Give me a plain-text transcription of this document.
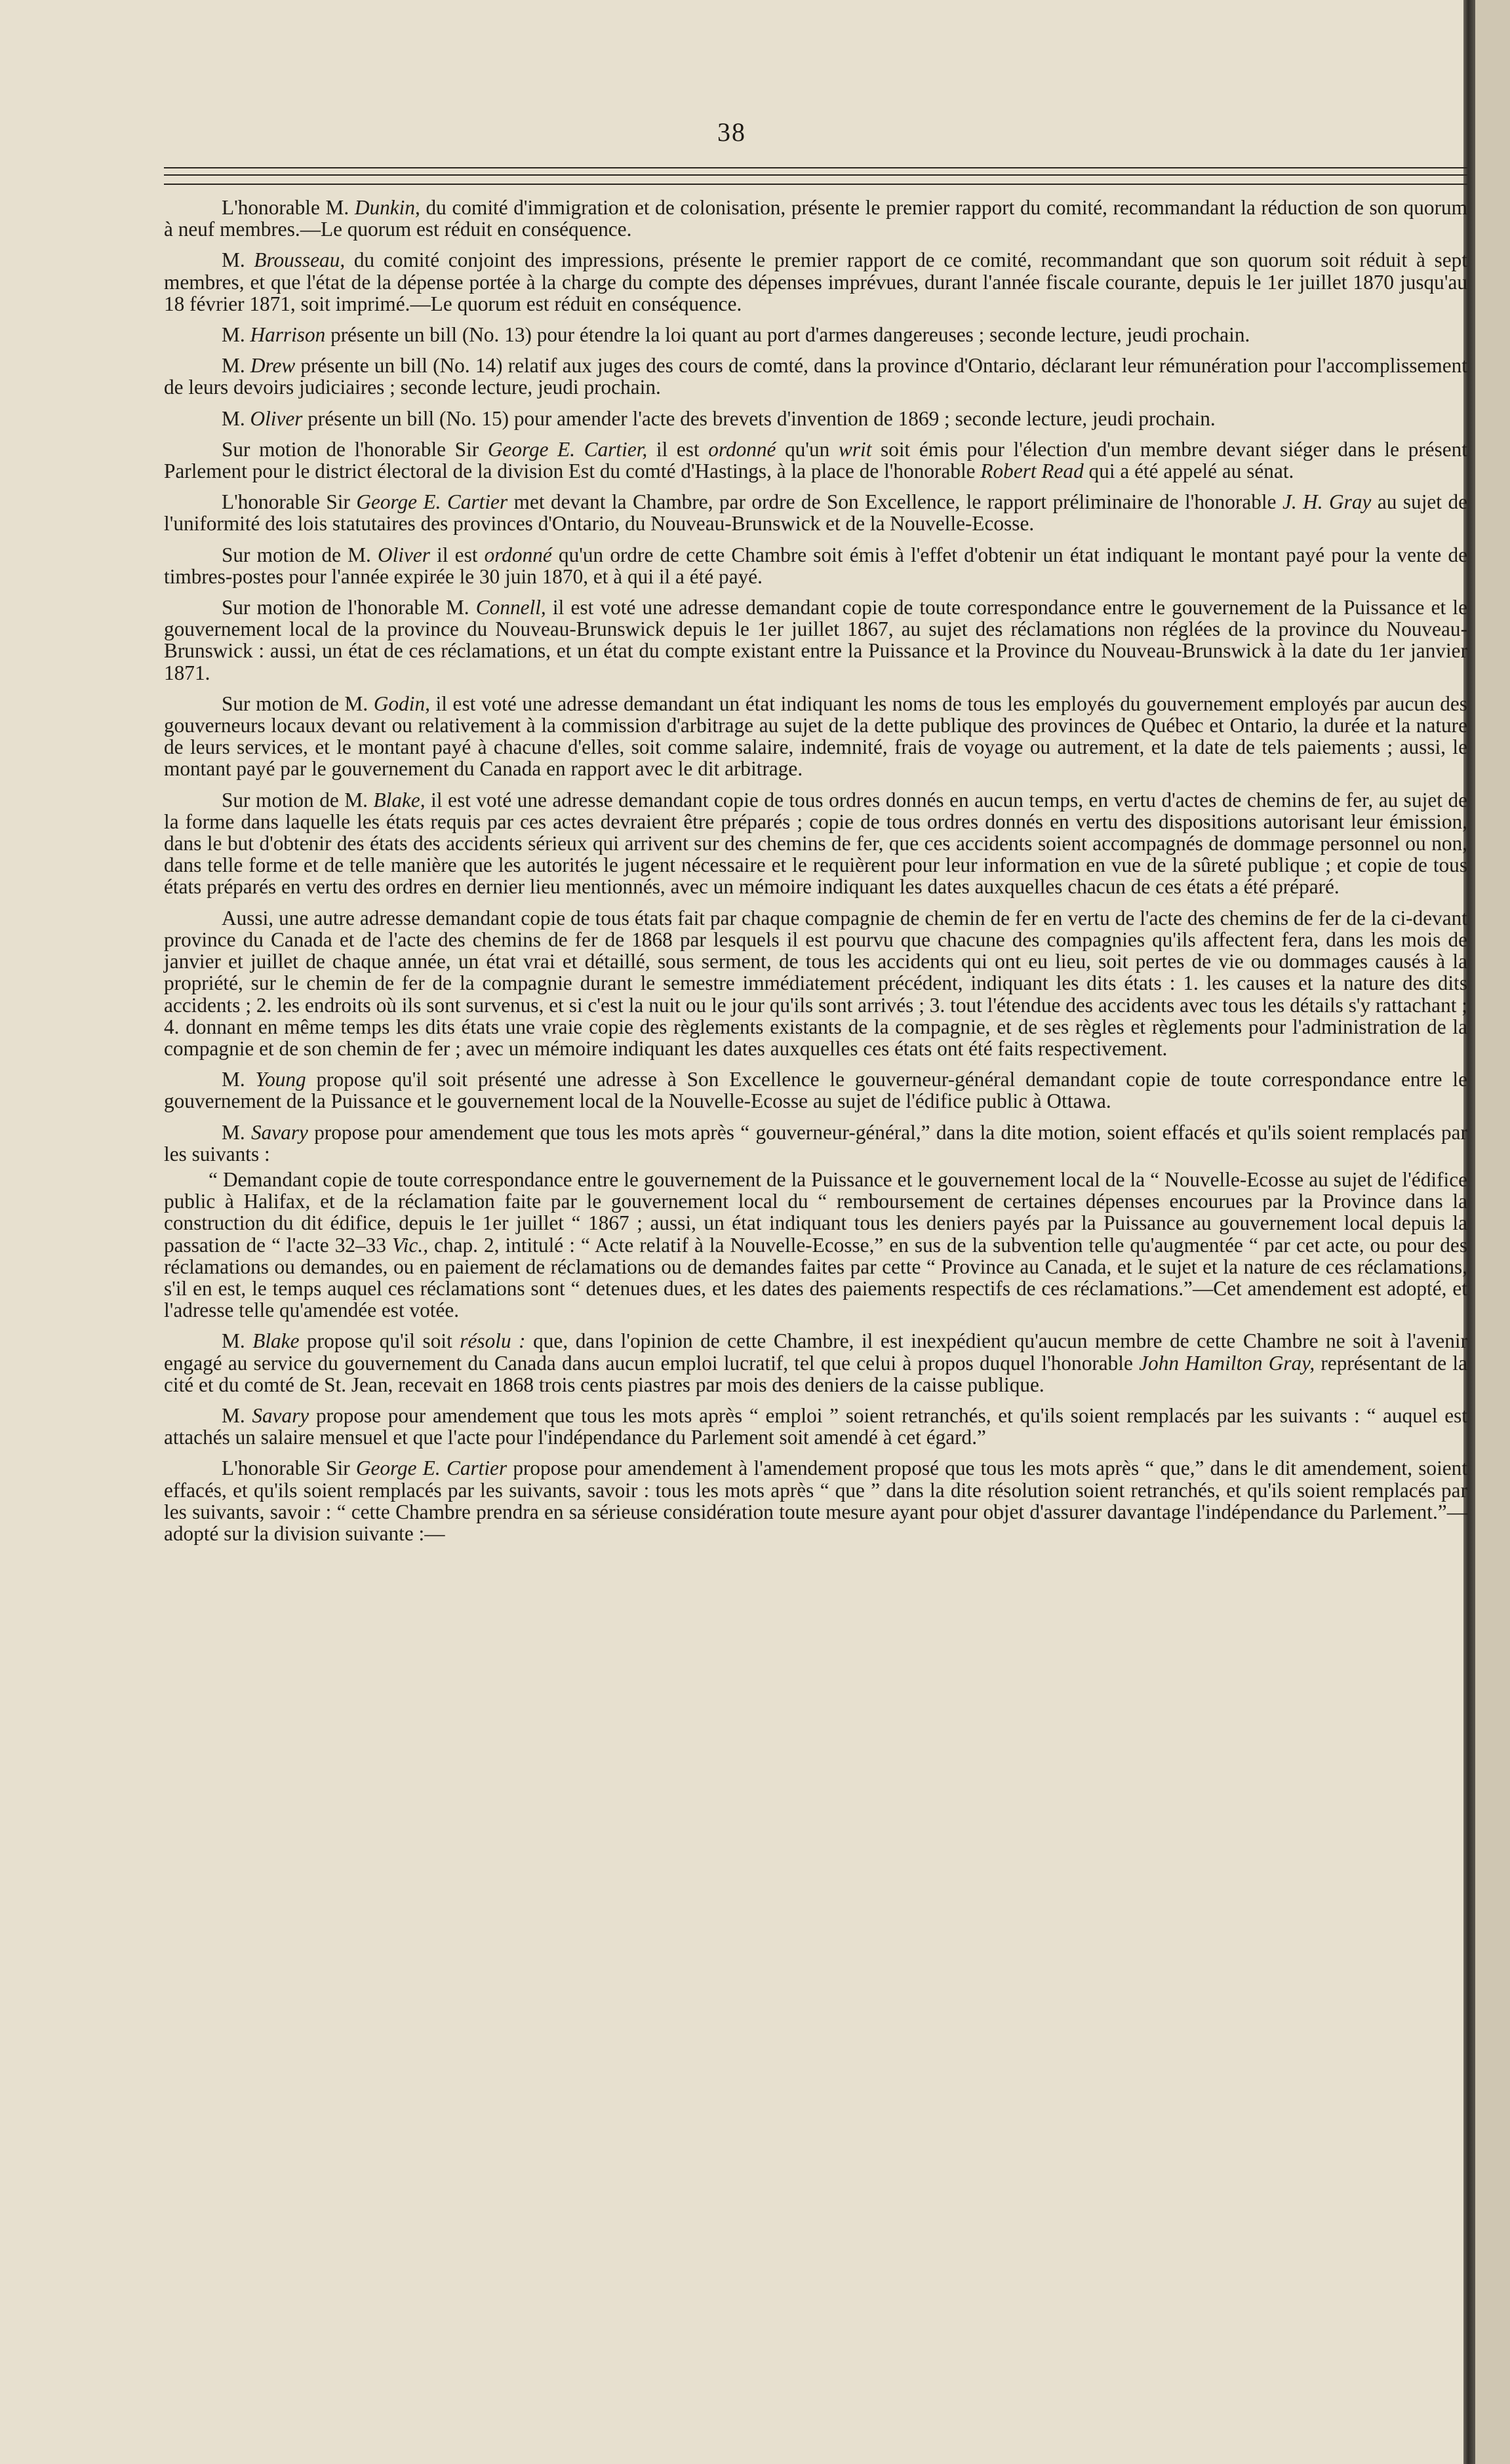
38

L'honorable M. Dunkin, du comité d'immigration et de colonisation, présente le premier rapport du comité, recommandant la réduction de son quorum à neuf membres.—Le quorum est réduit en conséquence.

M. Brousseau, du comité conjoint des impressions, présente le premier rapport de ce comité, recommandant que son quorum soit réduit à sept membres, et que l'état de la dépense portée à la charge du compte des dépenses imprévues, durant l'année fiscale courante, depuis le 1er juillet 1870 jusqu'au 18 février 1871, soit imprimé.—Le quorum est réduit en conséquence.

M. Harrison présente un bill (No. 13) pour étendre la loi quant au port d'armes dangereuses ; seconde lecture, jeudi prochain.

M. Drew présente un bill (No. 14) relatif aux juges des cours de comté, dans la province d'Ontario, déclarant leur rémunération pour l'accomplissement de leurs devoirs judiciaires ; seconde lecture, jeudi prochain.

M. Oliver présente un bill (No. 15) pour amender l'acte des brevets d'invention de 1869 ; seconde lecture, jeudi prochain.

Sur motion de l'honorable Sir George E. Cartier, il est ordonné qu'un writ soit émis pour l'élection d'un membre devant siéger dans le présent Parlement pour le district électoral de la division Est du comté d'Hastings, à la place de l'honorable Robert Read qui a été appelé au sénat.

L'honorable Sir George E. Cartier met devant la Chambre, par ordre de Son Excellence, le rapport préliminaire de l'honorable J. H. Gray au sujet de l'uniformité des lois statutaires des provinces d'Ontario, du Nouveau-Brunswick et de la Nouvelle-Ecosse.

Sur motion de M. Oliver il est ordonné qu'un ordre de cette Chambre soit émis à l'effet d'obtenir un état indiquant le montant payé pour la vente de timbres-postes pour l'année expirée le 30 juin 1870, et à qui il a été payé.

Sur motion de l'honorable M. Connell, il est voté une adresse demandant copie de toute correspondance entre le gouvernement de la Puissance et le gouvernement local de la province du Nouveau-Brunswick depuis le 1er juillet 1867, au sujet des réclamations non réglées de la province du Nouveau-Brunswick : aussi, un état de ces réclamations, et un état du compte existant entre la Puissance et la Province du Nouveau-Brunswick à la date du 1er janvier 1871.

Sur motion de M. Godin, il est voté une adresse demandant un état indiquant les noms de tous les employés du gouvernement employés par aucun des gouverneurs locaux devant ou relativement à la commission d'arbitrage au sujet de la dette publique des provinces de Québec et Ontario, la durée et la nature de leurs services, et le montant payé à chacune d'elles, soit comme salaire, indemnité, frais de voyage ou autrement, et la date de tels paiements ; aussi, le montant payé par le gouvernement du Canada en rapport avec le dit arbitrage.

Sur motion de M. Blake, il est voté une adresse demandant copie de tous ordres donnés en aucun temps, en vertu d'actes de chemins de fer, au sujet de la forme dans laquelle les états requis par ces actes devraient être préparés ; copie de tous ordres donnés en vertu des dispositions autorisant leur émission, dans le but d'obtenir des états des accidents sérieux qui arrivent sur des chemins de fer, que ces accidents soient accompagnés de dommage personnel ou non, dans telle forme et de telle manière que les autorités le jugent nécessaire et le requièrent pour leur information en vue de la sûreté publique ; et copie de tous états préparés en vertu des ordres en dernier lieu mentionnés, avec un mémoire indiquant les dates auxquelles chacun de ces états a été préparé.

Aussi, une autre adresse demandant copie de tous états fait par chaque compagnie de chemin de fer en vertu de l'acte des chemins de fer de la ci-devant province du Canada et de l'acte des chemins de fer de 1868 par lesquels il est pourvu que chacune des compagnies qu'ils affectent fera, dans les mois de janvier et juillet de chaque année, un état vrai et détaillé, sous serment, de tous les accidents qui ont eu lieu, soit pertes de vie ou dommages causés à la propriété, sur le chemin de fer de la compagnie durant le semestre immédiatement précédent, indiquant les dits états : 1. les causes et la nature des dits accidents ; 2. les endroits où ils sont survenus, et si c'est la nuit ou le jour qu'ils sont arrivés ; 3. tout l'étendue des accidents avec tous les détails s'y rattachant ; 4. donnant en même temps les dits états une vraie copie des règlements existants de la compagnie, et de ses règles et règlements pour l'administration de la compagnie et de son chemin de fer ; avec un mémoire indiquant les dates auxquelles ces états ont été faits respectivement.

M. Young propose qu'il soit présenté une adresse à Son Excellence le gouverneur-général demandant copie de toute correspondance entre le gouvernement de la Puissance et le gouvernement local de la Nouvelle-Ecosse au sujet de l'édifice public à Ottawa.

M. Savary propose pour amendement que tous les mots après “ gouverneur-général,” dans la dite motion, soient effacés et qu'ils soient remplacés par les suivants :

“ Demandant copie de toute correspondance entre le gouvernement de la Puissance et le gouvernement local de la “ Nouvelle-Ecosse au sujet de l'édifice public à Halifax, et de la réclamation faite par le gouvernement local du “ remboursement de certaines dépenses encourues par la Province dans la construction du dit édifice, depuis le 1er juillet “ 1867 ; aussi, un état indiquant tous les deniers payés par la Puissance au gouvernement local depuis la passation de “ l'acte 32–33 Vic., chap. 2, intitulé : “ Acte relatif à la Nouvelle-Ecosse,” en sus de la subvention telle qu'augmentée “ par cet acte, ou pour des réclamations ou demandes, ou en paiement de réclamations ou de demandes faites par cette “ Province au Canada, et le sujet et la nature de ces réclamations, s'il en est, le temps auquel ces réclamations sont “ detenues dues, et les dates des paiements respectifs de ces réclamations.”—Cet amendement est adopté, et l'adresse telle qu'amendée est votée.

M. Blake propose qu'il soit résolu : que, dans l'opinion de cette Chambre, il est inexpédient qu'aucun membre de cette Chambre ne soit à l'avenir engagé au service du gouvernement du Canada dans aucun emploi lucratif, tel que celui à propos duquel l'honorable John Hamilton Gray, représentant de la cité et du comté de St. Jean, recevait en 1868 trois cents piastres par mois des deniers de la caisse publique.

M. Savary propose pour amendement que tous les mots après “ emploi ” soient retranchés, et qu'ils soient remplacés par les suivants : “ auquel est attachés un salaire mensuel et que l'acte pour l'indépendance du Parlement soit amendé à cet égard.”

L'honorable Sir George E. Cartier propose pour amendement à l'amendement proposé que tous les mots après “ que,” dans le dit amendement, soient effacés, et qu'ils soient remplacés par les suivants, savoir : tous les mots après “ que ” dans la dite résolution soient retranchés, et qu'ils soient remplacés par les suivants, savoir : “ cette Chambre prendra en sa sérieuse considération toute mesure ayant pour objet d'assurer davantage l'indépendance du Parlement.”—adopté sur la division suivante :—
